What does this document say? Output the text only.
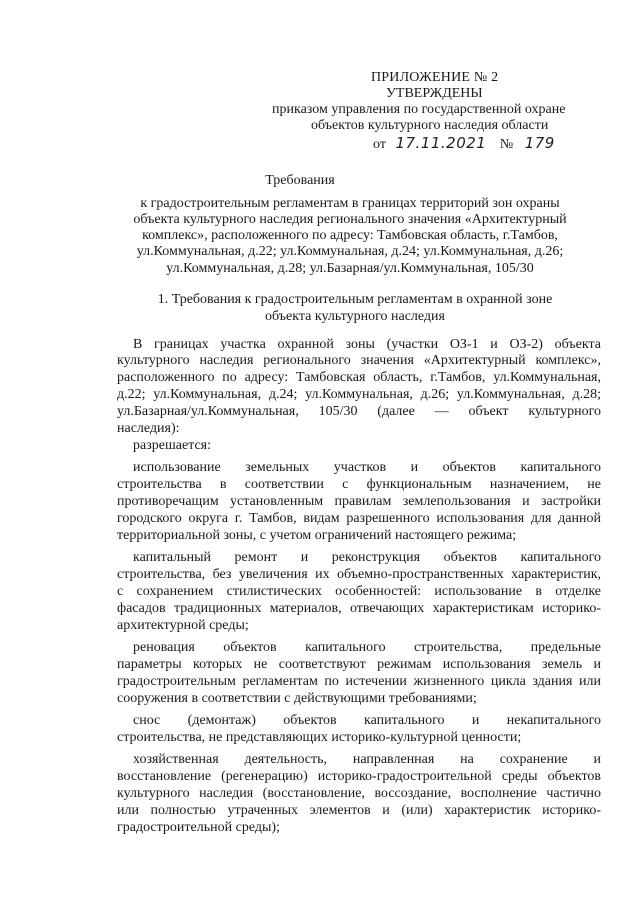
ПРИЛОЖЕНИЕ № 2
УТВЕРЖДЕНЫ
приказом управления по государственной охране
объектов культурного наследия области
от 17.11.2021 № 179
Требования
к градостроительным регламентам в границах территорий зон охраны
объекта культурного наследия регионального значения «Архитектурный
комплекс», расположенного по адресу: Тамбовская область, г.Тамбов,
ул.Коммунальная, д.22; ул.Коммунальная, д.24; ул.Коммунальная, д.26;
ул.Коммунальная, д.28; ул.Базарная/ул.Коммунальная, 105/30
1. Требования к градостроительным регламентам в охранной зоне
объекта культурного наследия
В границах участка охранной зоны (участки ОЗ-1 и ОЗ-2) объекта
культурного наследия регионального значения «Архитектурный комплекс»,
расположенного по адресу: Тамбовская область, г.Тамбов, ул.Коммунальная,
д.22; ул.Коммунальная, д.24; ул.Коммунальная, д.26; ул.Коммунальная, д.28;
ул.Базарная/ул.Коммунальная, 105/30 (далее — объект культурного
наследия):
разрешается:
использование земельных участков и объектов капитального
строительства в соответствии с функциональным назначением, не
противоречащим установленным правилам землепользования и застройки
городского округа г. Тамбов, видам разрешенного использования для данной
территориальной зоны, с учетом ограничений настоящего режима;
капитальный ремонт и реконструкция объектов капитального
строительства, без увеличения их объемно-пространственных характеристик,
с сохранением стилистических особенностей: использование в отделке
фасадов традиционных материалов, отвечающих характеристикам историко-
архитектурной среды;
реновация объектов капитального строительства, предельные
параметры которых не соответствуют режимам использования земель и
градостроительным регламентам по истечении жизненного цикла здания или
сооружения в соответствии с действующими требованиями;
снос (демонтаж) объектов капитального и некапитального
строительства, не представляющих историко-культурной ценности;
хозяйственная деятельность, направленная на сохранение и
восстановление (регенерацию) историко-градостроительной среды объектов
культурного наследия (восстановление, воссоздание, восполнение частично
или полностью утраченных элементов и (или) характеристик историко-
градостроительной среды);
